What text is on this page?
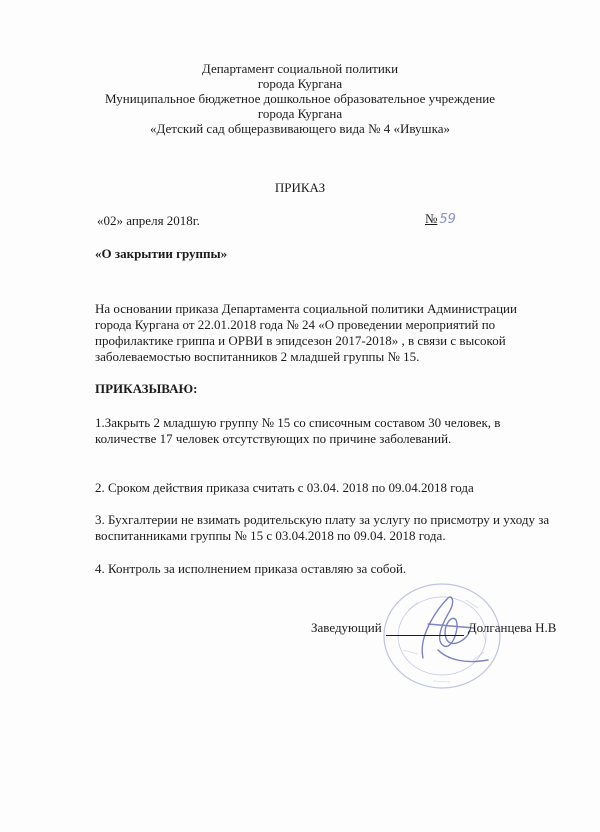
Департамент социальной политики
города Кургана
Муниципальное бюджетное дошкольное образовательное учреждение
города Кургана
«Детский сад общеразвивающего вида № 4 «Ивушка»
ПРИКАЗ
«02» апреля 2018г.	№ 59
«О закрытии группы»
На основании приказа Департамента социальной политики Администрации города Кургана от 22.01.2018 года № 24 «О проведении мероприятий по профилактике гриппа и ОРВИ в эпидсезон 2017-2018» , в связи с высокой заболеваемостью воспитанников 2 младшей группы № 15.
ПРИКАЗЫВАЮ:
1.Закрыть 2 младшую группу № 15 со списочным составом 30 человек, в количестве 17 человек отсутствующих по причине заболеваний.
2. Сроком действия приказа считать с 03.04. 2018 по 09.04.2018 года
3. Бухгалтерии не взимать родительскую плату за услугу по присмотру и уходу за воспитанниками группы № 15 с 03.04.2018 по 09.04. 2018 года.
4. Контроль за исполнением приказа оставляю за собой.
Заведующий	Долганцева Н.В
